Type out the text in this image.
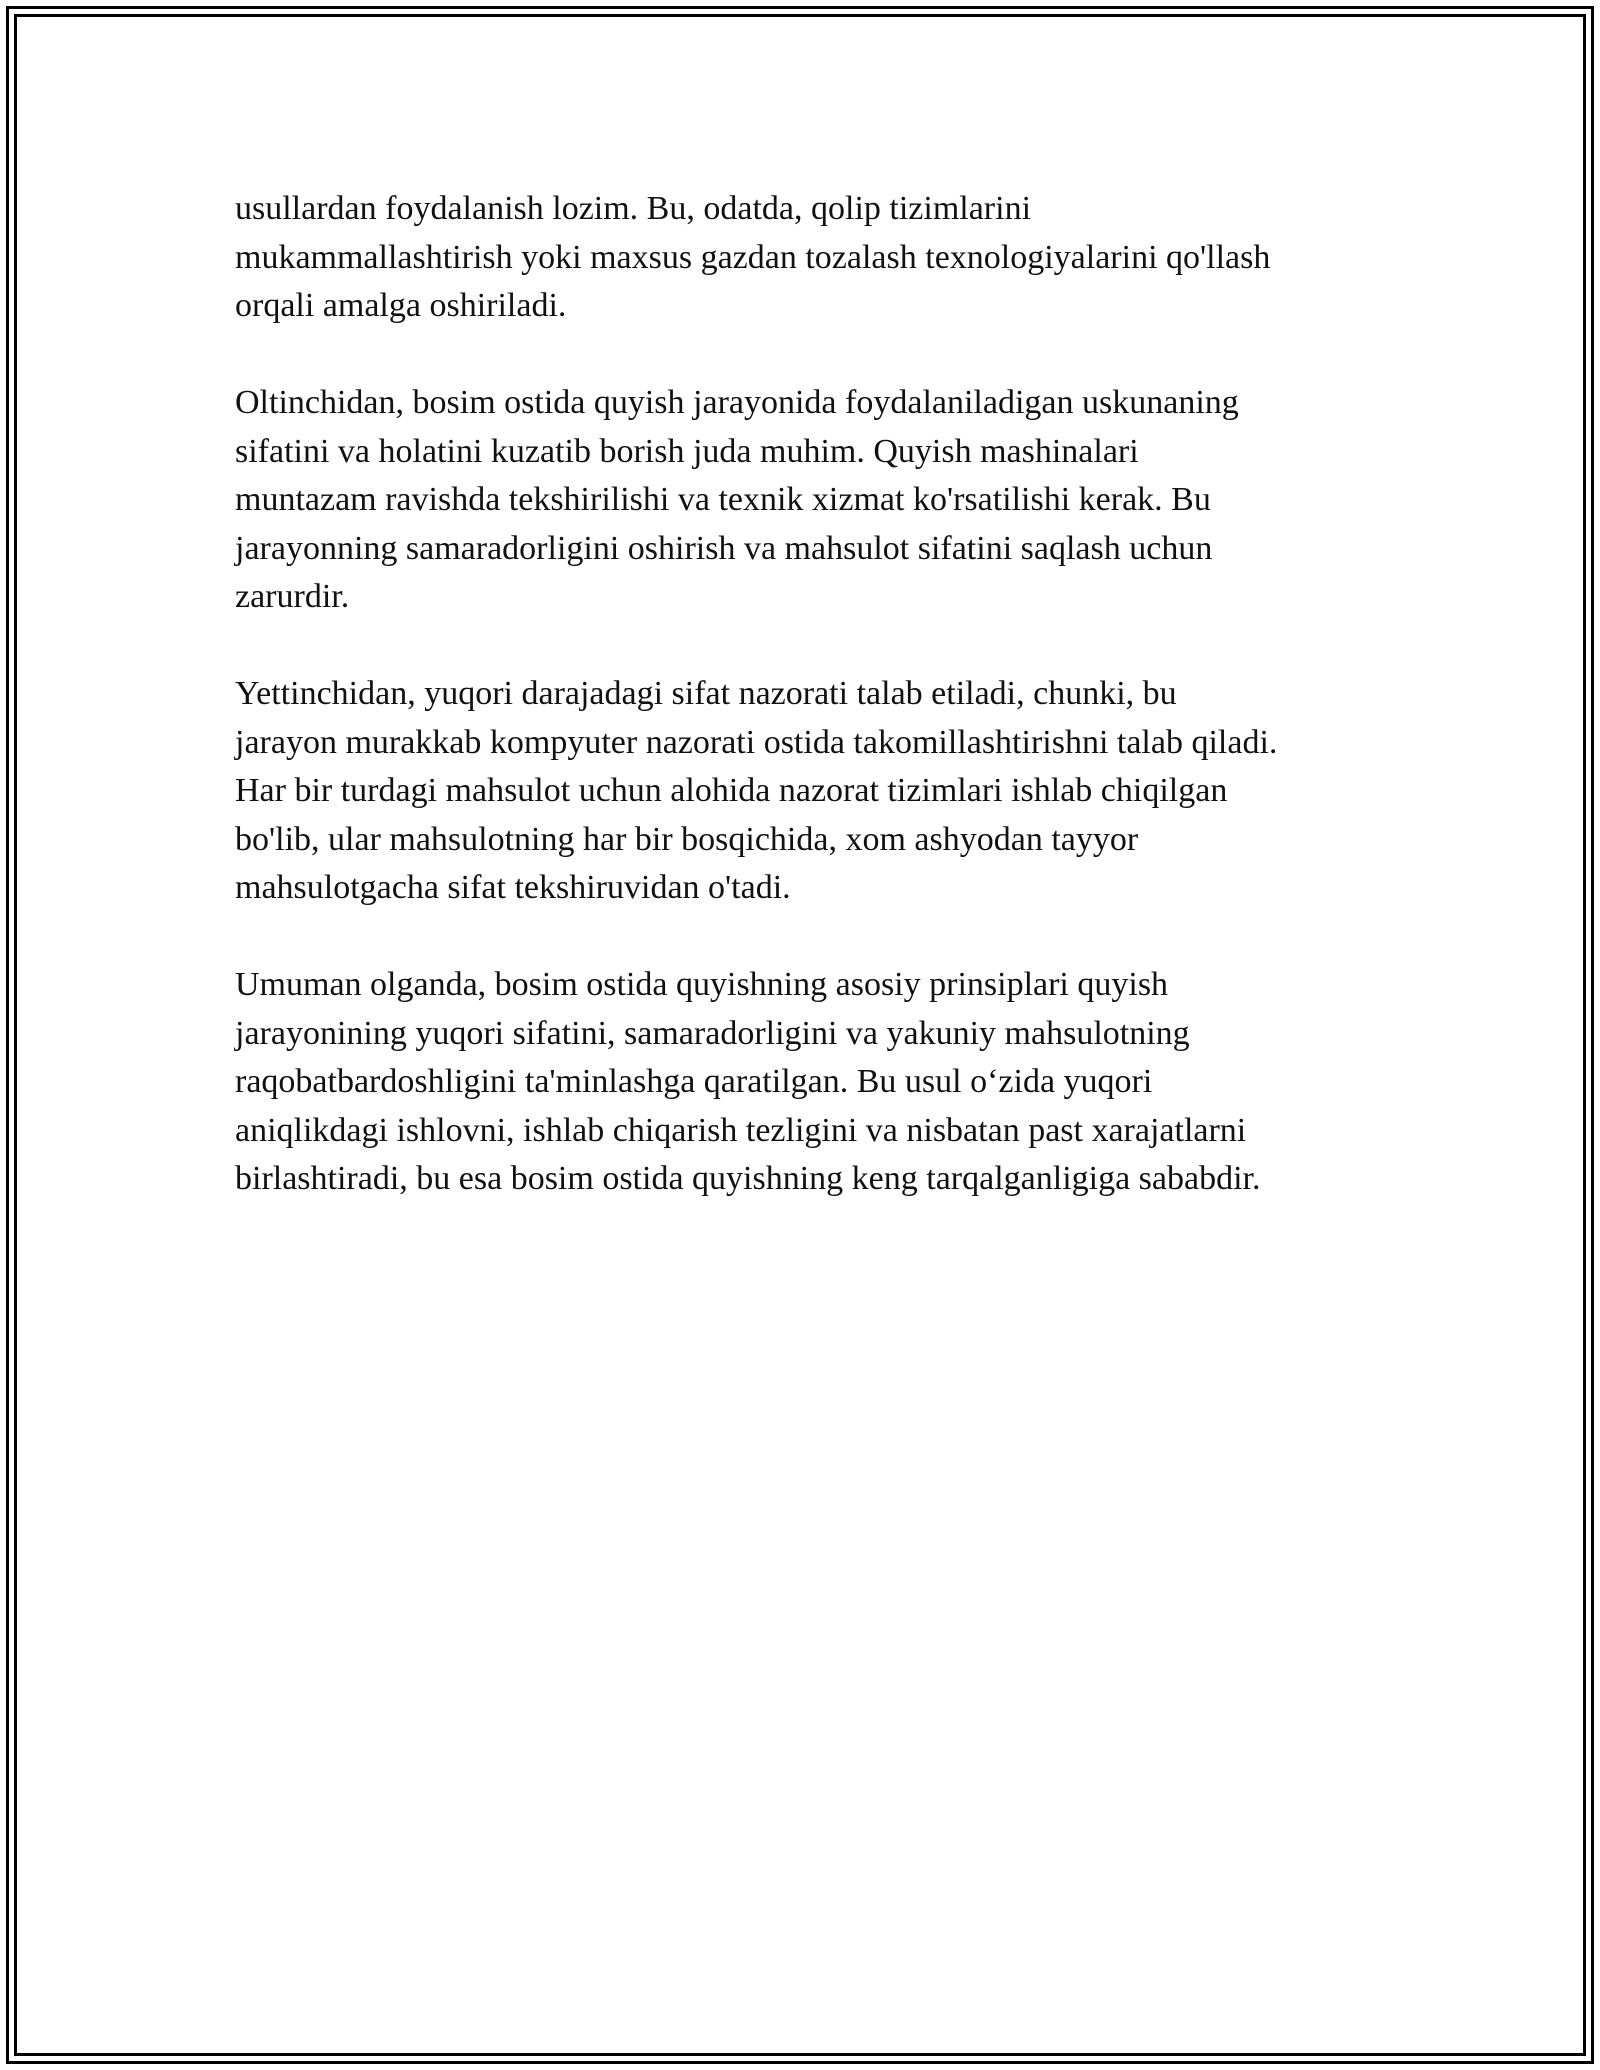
usullardan foydalanish lozim. Bu, odatda, qolip tizimlarini
mukammallashtirish yoki maxsus gazdan tozalash texnologiyalarini qo'llash
orqali amalga oshiriladi.

Oltinchidan, bosim ostida quyish jarayonida foydalaniladigan uskunaning
sifatini va holatini kuzatib borish juda muhim. Quyish mashinalari
muntazam ravishda tekshirilishi va texnik xizmat ko'rsatilishi kerak. Bu
jarayonning samaradorligini oshirish va mahsulot sifatini saqlash uchun
zarurdir.

Yettinchidan, yuqori darajadagi sifat nazorati talab etiladi, chunki, bu
jarayon murakkab kompyuter nazorati ostida takomillashtirishni talab qiladi.
Har bir turdagi mahsulot uchun alohida nazorat tizimlari ishlab chiqilgan
bo'lib, ular mahsulotning har bir bosqichida, xom ashyodan tayyor
mahsulotgacha sifat tekshiruvidan o'tadi.

Umuman olganda, bosim ostida quyishning asosiy prinsiplari quyish
jarayonining yuqori sifatini, samaradorligini va yakuniy mahsulotning
raqobatbardoshligini ta'minlashga qaratilgan. Bu usul o‘zida yuqori
aniqlikdagi ishlovni, ishlab chiqarish tezligini va nisbatan past xarajatlarni
birlashtiradi, bu esa bosim ostida quyishning keng tarqalganligiga sababdir.
